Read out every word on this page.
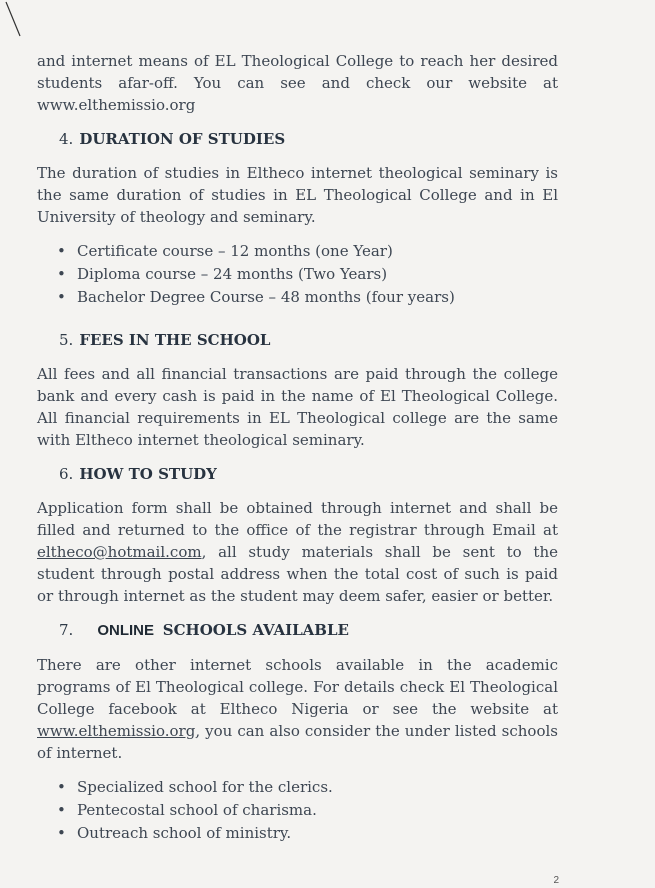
and internet means of EL Theological College to reach her desired students afar-off. You can see and check our website at www.elthemissio.org

4. DURATION OF STUDIES

The duration of studies in Eltheco internet theological seminary is the same duration of studies in EL Theological College and in El University of theology and seminary.

• Certificate course – 12 months (one Year)
• Diploma course – 24 months (Two Years)
• Bachelor Degree Course – 48 months (four years)
5. FEES IN THE SCHOOL

All fees and all financial transactions are paid through the college bank and every cash is paid in the name of El Theological College. All financial requirements in EL Theological college are the same with Eltheco internet theological seminary.

6. HOW TO STUDY

Application form shall be obtained through internet and shall be filled and returned to the office of the registrar through Email at eltheco@hotmail.com, all study materials shall be sent to the student through postal address when the total cost of such is paid or through internet as the student may deem safer, easier or better.

7. ONLINE SCHOOLS AVAILABLE

There are other internet schools available in the academic programs of El Theological college. For details check El Theological College facebook at Eltheco Nigeria or see the website at www.elthemissio.org, you can also consider the under listed schools of internet.

• Specialized school for the clerics.
• Pentecostal school of charisma.
• Outreach school of ministry.
2
